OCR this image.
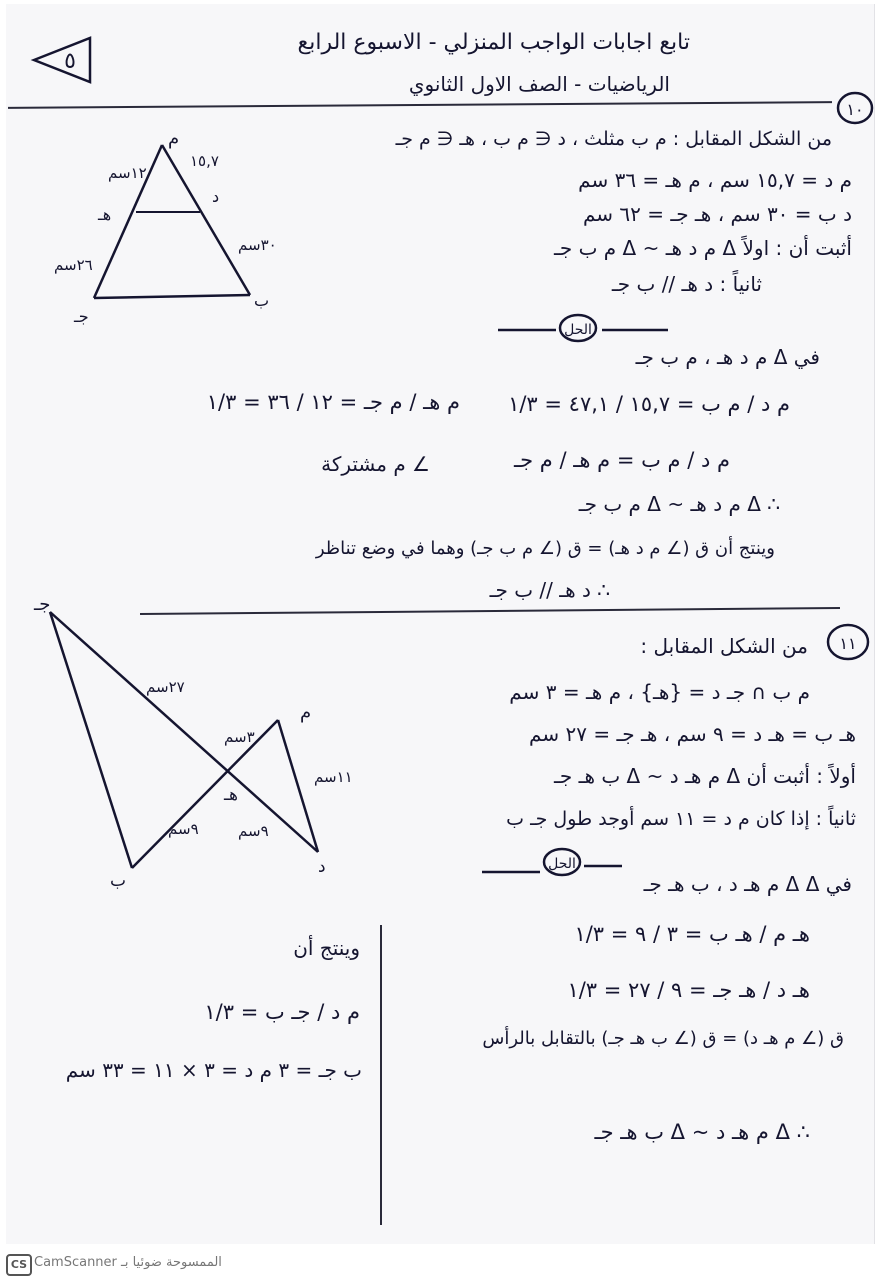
٥
تابع اجابات الواجب المنزلي - الاسبوع الرابع
الرياضيات - الصف الاول الثانوي
١٠
من الشكل المقابل : م ب مثلث ، د ∈ م ب ، هـ ∈ م جـ
م د = ١٥,٧ سم ، م هـ = ٣٦ سم
د ب = ٣٠ سم ، هـ جـ = ٦٢ سم
أثبت أن : اولاً Δ م د هـ ~ Δ م ب جـ
ثانياً : د هـ // ب جـ
الحل
في Δ م د هـ ، م ب جـ
م د / م ب = ١٥,٧ / ٤٧,١ = ١/٣
م هـ / م جـ = ١٢ / ٣٦ = ١/٣
م د / م ب = م هـ / م جـ
∠ م مشتركة
∴ Δ م د هـ ~ Δ م ب جـ
وينتج أن ق (∠ م د هـ) = ق (∠ م ب جـ) وهما في وضع تناظر
∴ د هـ // ب جـ
م
١٢سم
١٥,٧
هـ
د
٢٦سم
٣٠سم
جـ
ب
١١
من الشكل المقابل :
م ب ∩ جـ د = {هـ} ، م هـ = ٣ سم
هـ ب = هـ د = ٩ سم ، هـ جـ = ٢٧ سم
أولاً : أثبت أن Δ م هـ د ~ Δ ب هـ جـ
ثانياً : إذا كان م د = ١١ سم أوجد طول جـ ب
الحل
في Δ Δ م هـ د ، ب هـ جـ
هـ م / هـ ب = ٣ / ٩ = ١/٣
هـ د / هـ جـ = ٩ / ٢٧ = ١/٣
ق (∠ م هـ د) = ق (∠ ب هـ جـ) بالتقابل بالرأس
∴ Δ م هـ د ~ Δ ب هـ جـ
وينتج أن
م د / جـ ب = ١/٣
ب جـ = ٣ م د = ٣ × ١١ = ٣٣ سم
جـ
م
هـ
ب
د
٢٧سم
٣سم
١١سم
٩سم	٩سم
CS الممسوحة ضوئيا بـ CamScanner
